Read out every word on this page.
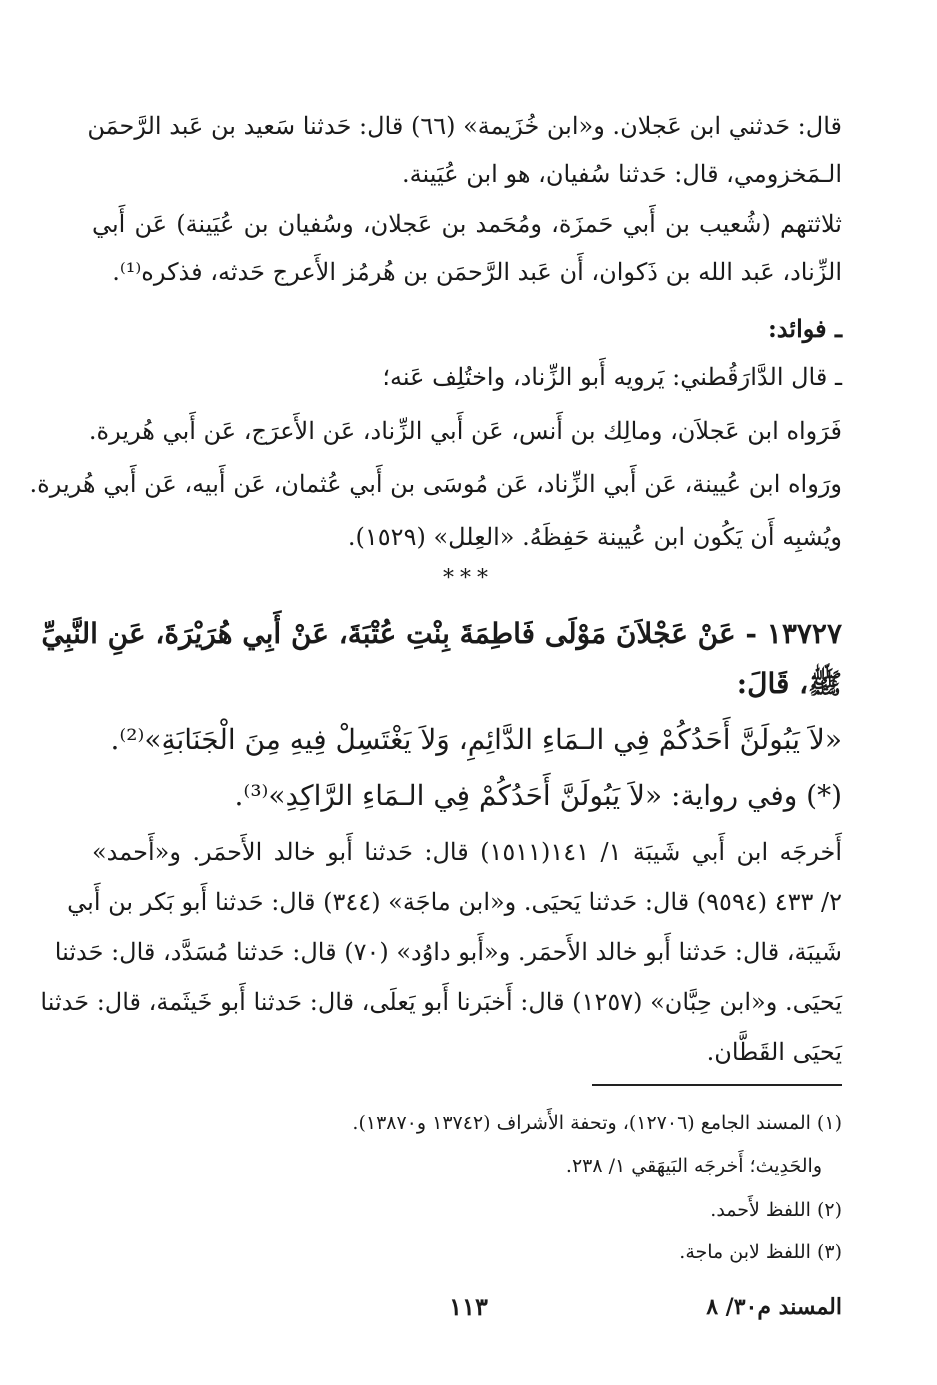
قال: حَدثني ابن عَجلان. و«ابن خُزَيمة» (٦٦) قال: حَدثنا سَعيد بن عَبد الرَّحمَن
الـمَخزومي، قال: حَدثنا سُفيان، هو ابن عُيَينة.
ثلاثتهم (شُعيب بن أَبي حَمزَة، ومُحَمد بن عَجلان، وسُفيان بن عُيَينة) عَن أَبي
الزِّناد، عَبد الله بن ذَكوان، أَن عَبد الرَّحمَن بن هُرمُز الأَعرج حَدثه، فذكره⁽¹⁾.
ـ فوائد:
ـ قال الدَّارَقُطني: يَرويه أَبو الزِّناد، واختُلِف عَنه؛
فَرَواه ابن عَجلاَن، ومالِك بن أَنس، عَن أَبي الزِّناد، عَن الأَعرَج، عَن أَبي هُريرة.
ورَواه ابن عُيينة، عَن أَبي الزِّناد، عَن مُوسَى بن أَبي عُثمان، عَن أَبيه، عَن أَبي هُريرة.
ويُشبِه أَن يَكُون ابن عُيينة حَفِظَهُ. «العِلل» (١٥٢٩).
***
١٣٧٢٧ - عَنْ عَجْلاَنَ مَوْلَى فَاطِمَةَ بِنْتِ عُتْبَةَ، عَنْ أَبِي هُرَيْرَةَ، عَنِ النَّبِيِّ
ﷺ، قَالَ:
«لاَ يَبُولَنَّ أَحَدُكُمْ فِي الـمَاءِ الدَّائِمِ، وَلاَ يَغْتَسِلْ فِيهِ مِنَ الْجَنَابَةِ»⁽²⁾.
(*) وفي رواية: «لاَ يَبُولَنَّ أَحَدُكُمْ فِي الـمَاءِ الرَّاكِدِ»⁽³⁾.
أَخرجَه ابن أَبي شَيبَة ١/ ١٤١(١٥١١) قال: حَدثنا أَبو خالد الأَحمَر. و«أَحمد»
٢/ ٤٣٣ (٩٥٩٤) قال: حَدثنا يَحيَى. و«ابن ماجَة» (٣٤٤) قال: حَدثنا أَبو بَكر بن أَبي
شَيبَة، قال: حَدثنا أَبو خالد الأَحمَر. و«أَبو داوُد» (٧٠) قال: حَدثنا مُسَدَّد، قال: حَدثنا
يَحيَى. و«ابن حِبَّان» (١٢٥٧) قال: أَخبَرنا أَبو يَعلَى، قال: حَدثنا أَبو خَيثَمة، قال: حَدثنا
يَحيَى القَطَّان.
(١) المسند الجامع (١٢٧٠٦)، وتحفة الأَشراف (١٣٧٤٢ و١٣٨٧٠).
والحَدِيث؛ أَخرجَه البَيهَقي ١/ ٢٣٨.
(٢) اللفظ لأَحمد.
(٣) اللفظ لابن ماجة.
المسند م٣٠/ ٨
١١٣
